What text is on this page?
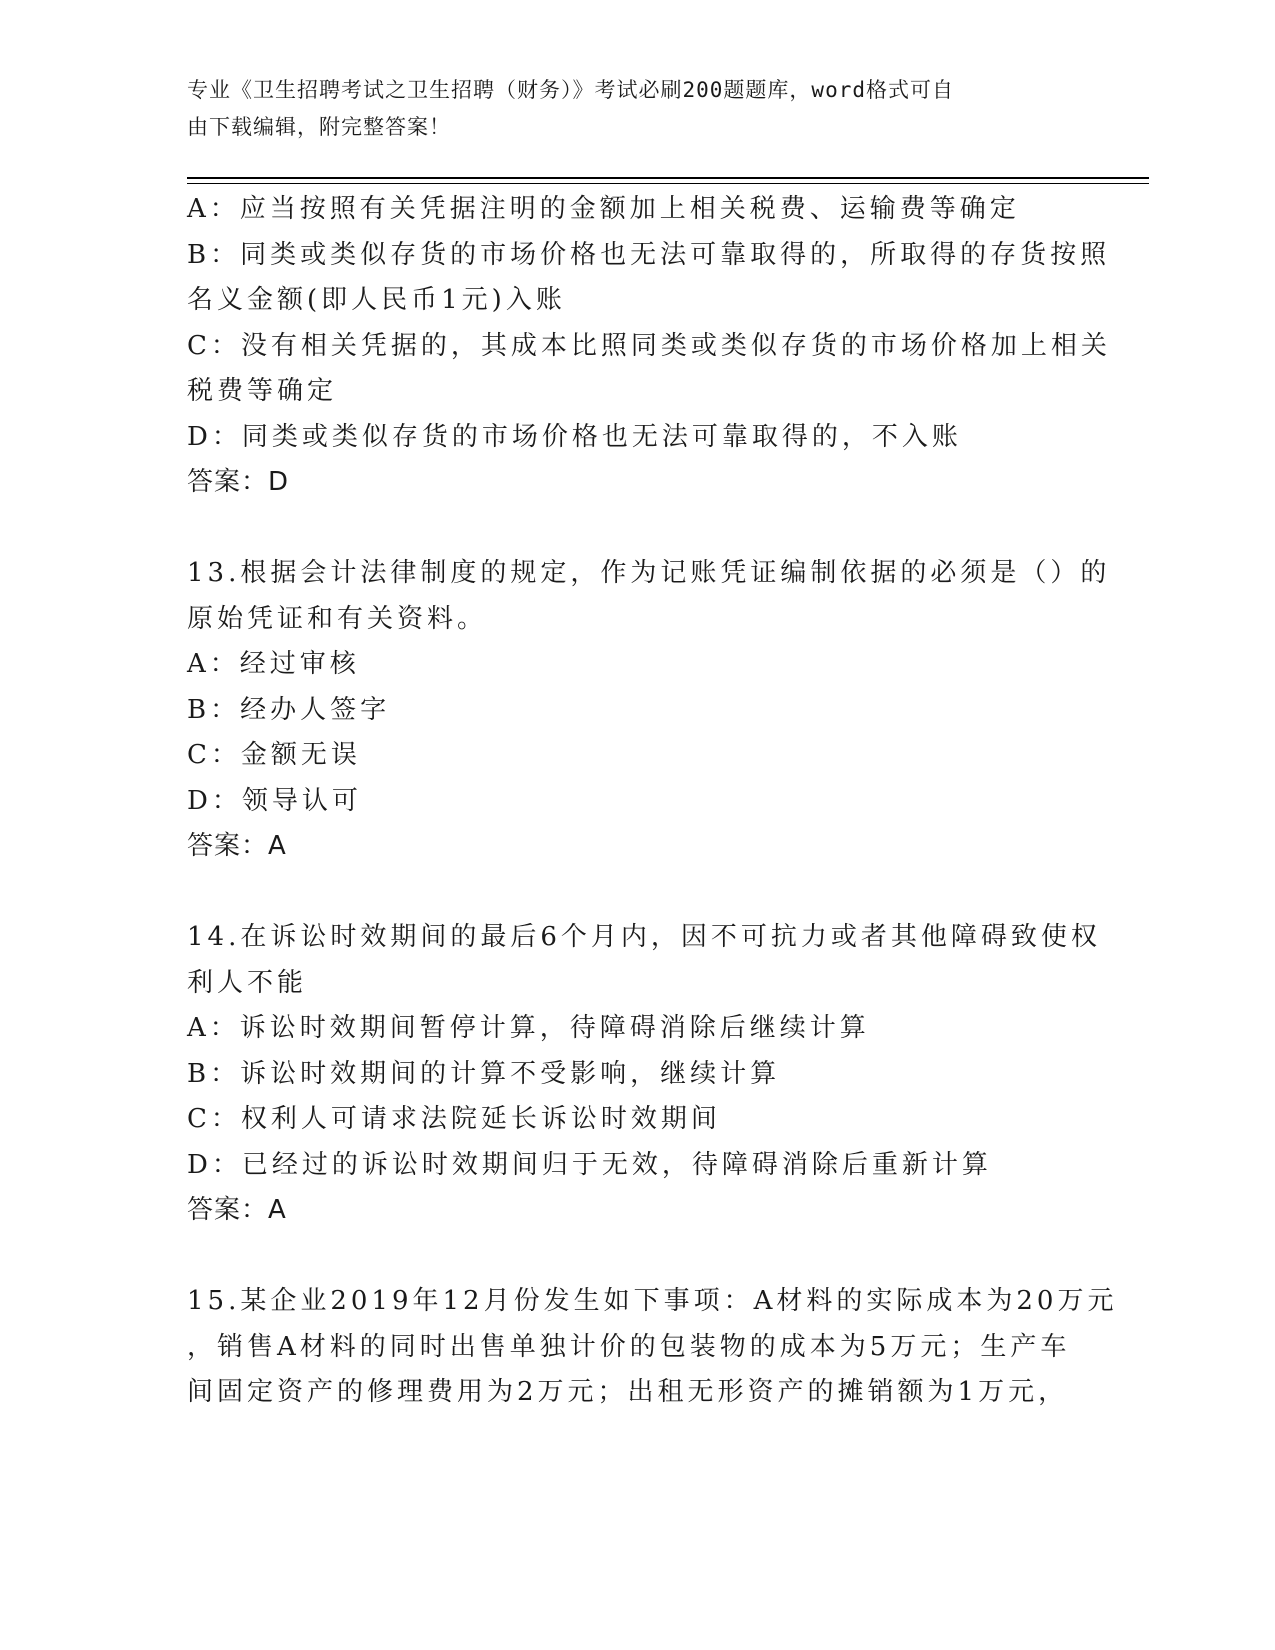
专业《卫生招聘考试之卫生招聘（财务）》考试必刷200题题库，word格式可自
由下载编辑，附完整答案！
A：应当按照有关凭据注明的金额加上相关税费、运输费等确定
B：同类或类似存货的市场价格也无法可靠取得的，所取得的存货按照
名义金额(即人民币1元)入账
C：没有相关凭据的，其成本比照同类或类似存货的市场价格加上相关
税费等确定
D：同类或类似存货的市场价格也无法可靠取得的，不入账
答案：D
13.根据会计法律制度的规定，作为记账凭证编制依据的必须是（）的
原始凭证和有关资料。
A：经过审核
B：经办人签字
C：金额无误
D：领导认可
答案：A
14.在诉讼时效期间的最后6个月内，因不可抗力或者其他障碍致使权
利人不能
A：诉讼时效期间暂停计算，待障碍消除后继续计算
B：诉讼时效期间的计算不受影响，继续计算
C：权利人可请求法院延长诉讼时效期间
D：已经过的诉讼时效期间归于无效，待障碍消除后重新计算
答案：A
15.某企业2019年12月份发生如下事项：A材料的实际成本为20万元
，销售A材料的同时出售单独计价的包装物的成本为5万元；生产车
间固定资产的修理费用为2万元；出租无形资产的摊销额为1万元，
